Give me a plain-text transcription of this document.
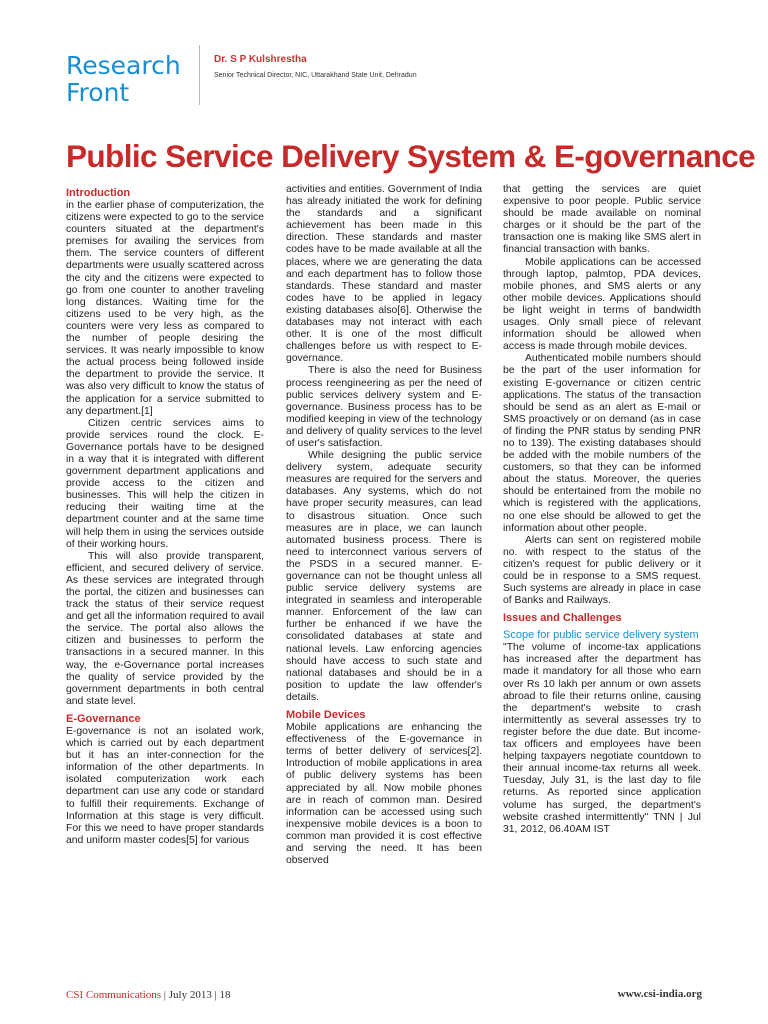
Research
Front
Dr. S P Kulshrestha
Senior Technical Director, NIC, Uttarakhand State Unit, Dehradun
Public Service Delivery System & E-governance
Introduction

in the earlier phase of computerization, the citizens were expected to go to the service counters situated at the department's premises for availing the services from them. The service counters of different departments were usually scattered across the city and the citizens were expected to go from one counter to another traveling long distances. Waiting time for the citizens used to be very high, as the counters were very less as compared to the number of people desiring the services. It was nearly impossible to know the actual process being followed inside the department to provide the service. It was also very difficult to know the status of the application for a service submitted to any department.[1]

Citizen centric services aims to provide services round the clock. E-Governance portals have to be designed in a way that it is integrated with different government department applications and provide access to the citizen and businesses. This will help the citizen in reducing their waiting time at the department counter and at the same time will help them in using the services outside of their working hours.

This will also provide transparent, efficient, and secured delivery of service. As these services are integrated through the portal, the citizen and businesses can track the status of their service request and get all the information required to avail the service. The portal also allows the citizen and businesses to perform the transactions in a secured manner. In this way, the e-Governance portal increases the quality of service provided by the government departments in both central and state level.

E-Governance

E-governance is not an isolated work, which is carried out by each department but it has an inter-connection for the information of the other departments. In isolated computerization work each department can use any code or standard to fulfill their requirements. Exchange of Information at this stage is very difficult. For this we need to have proper standards and uniform master codes[5] for various

activities and entities. Government of India has already initiated the work for defining the standards and a significant achievement has been made in this direction. These standards and master codes have to be made available at all the places, where we are generating the data and each department has to follow those standards. These standard and master codes have to be applied in legacy existing databases also[6]. Otherwise the databases may not interact with each other. It is one of the most difficult challenges before us with respect to E-governance.

There is also the need for Business process reengineering as per the need of public services delivery system and E-governance. Business process has to be modified keeping in view of the technology and delivery of quality services to the level of user's satisfaction.

While designing the public service delivery system, adequate security measures are required for the servers and databases. Any systems, which do not have proper security measures, can lead to disastrous situation. Once such measures are in place, we can launch automated business process. There is need to interconnect various servers of the PSDS in a secured manner. E-governance can not be thought unless all public service delivery systems are integrated in seamless and interoperable manner. Enforcement of the law can further be enhanced if we have the consolidated databases at state and national levels. Law enforcing agencies should have access to such state and national databases and should be in a position to update the law offender's details.

Mobile Devices

Mobile applications are enhancing the effectiveness of the E-governance in terms of better delivery of services[2]. Introduction of mobile applications in area of public delivery systems has been appreciated by all. Now mobile phones are in reach of common man. Desired information can be accessed using such inexpensive mobile devices is a boon to common man provided it is cost effective and serving the need. It has been observed

that getting the services are quiet expensive to poor people. Public service should be made available on nominal charges or it should be the part of the transaction one is making like SMS alert in financial transaction with banks.

Mobile applications can be accessed through laptop, palmtop, PDA devices, mobile phones, and SMS alerts or any other mobile devices. Applications should be light weight in terms of bandwidth usages. Only small piece of relevant information should be allowed when access is made through mobile devices.

Authenticated mobile numbers should be the part of the user information for existing E-governance or citizen centric applications. The status of the transaction should be send as an alert as E-mail or SMS proactively or on demand (as in case of finding the PNR status by sending PNR no to 139). The existing databases should be added with the mobile numbers of the customers, so that they can be informed about the status. Moreover, the queries should be entertained from the mobile no which is registered with the applications, no one else should be allowed to get the information about other people.

Alerts can sent on registered mobile no. with respect to the status of the citizen's request for public delivery or it could be in response to a SMS request. Such systems are already in place in case of Banks and Railways.

Issues and Challenges
Scope for public service delivery system

"The volume of income-tax applications has increased after the department has made it mandatory for all those who earn over Rs 10 lakh per annum or own assets abroad to file their returns online, causing the department's website to crash intermittently as several assesses try to register before the due date. But income-tax officers and employees have been helping taxpayers negotiate countdown to their annual income-tax returns all week. Tuesday, July 31, is the last day to file returns. As reported since application volume has surged, the department's website crashed intermittently" TNN | Jul 31, 2012, 06.40AM IST

CSI Communications | July 2013 | 18	www.csi-india.org
